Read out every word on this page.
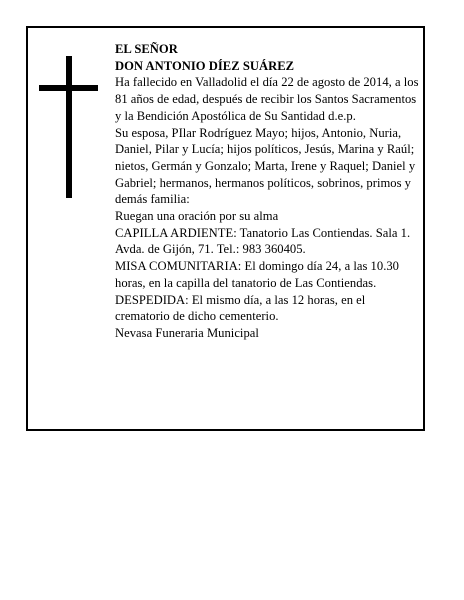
EL SEÑOR

DON ANTONIO DÍEZ SUÁREZ

Ha fallecido en Valladolid el día 22 de agosto de 2014, a los 81 años de edad, después de recibir los Santos Sacramentos y la Bendición Apostólica de Su Santidad d.e.p.

Su esposa, PIlar Rodríguez Mayo; hijos, Antonio, Nuria, Daniel, Pilar y Lucía; hijos políticos, Jesús, Marina y Raúl; nietos, Germán y Gonzalo; Marta, Irene y Raquel; Daniel y Gabriel; hermanos, hermanos políticos, sobrinos, primos y demás familia:

Ruegan una oración por su alma

CAPILLA ARDIENTE: Tanatorio Las Contiendas. Sala 1. Avda. de Gijón, 71. Tel.: 983 360405.

MISA COMUNITARIA: El domingo día 24, a las 10.30 horas, en la capilla del tanatorio de Las Contiendas.

DESPEDIDA: El mismo día, a las 12 horas, en el crematorio de dicho cementerio.

Nevasa Funeraria Municipal
